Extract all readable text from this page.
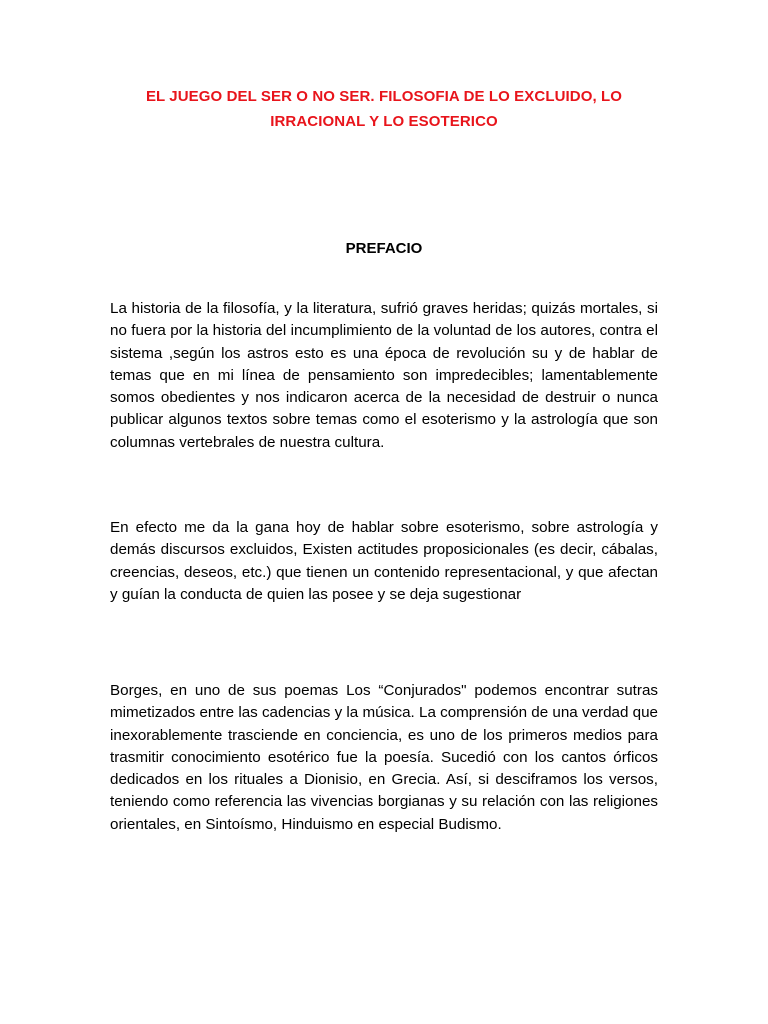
EL JUEGO DEL SER O NO SER. FILOSOFIA DE LO EXCLUIDO, LO IRRACIONAL Y LO ESOTERICO
PREFACIO

La historia de la filosofía, y la literatura, sufrió graves heridas; quizás mortales, si no fuera por la historia del incumplimiento de la voluntad de los autores, contra el sistema ,según los astros esto es una época de revolución su y de hablar de temas que en mi línea de pensamiento son impredecibles; lamentablemente somos obedientes y nos indicaron acerca de la necesidad de destruir o nunca publicar algunos textos sobre temas como el esoterismo y la astrología que son columnas vertebrales de nuestra cultura.

En efecto me da la gana hoy de hablar sobre esoterismo, sobre astrología y demás discursos excluidos, Existen actitudes proposicionales (es decir, cábalas, creencias, deseos, etc.) que tienen un contenido representacional, y que afectan y guían la conducta de quien las posee y se deja sugestionar

Borges, en uno de sus poemas Los “Conjurados" podemos encontrar sutras mimetizados entre las cadencias y la música. La comprensión de una verdad que inexorablemente trasciende en conciencia, es uno de los primeros medios para trasmitir conocimiento esotérico fue la poesía. Sucedió con los cantos órficos dedicados en los rituales a Dionisio, en Grecia. Así, si desciframos los versos, teniendo como referencia las vivencias borgianas y su relación con las religiones orientales, en Sintoísmo, Hinduismo en especial Budismo.
